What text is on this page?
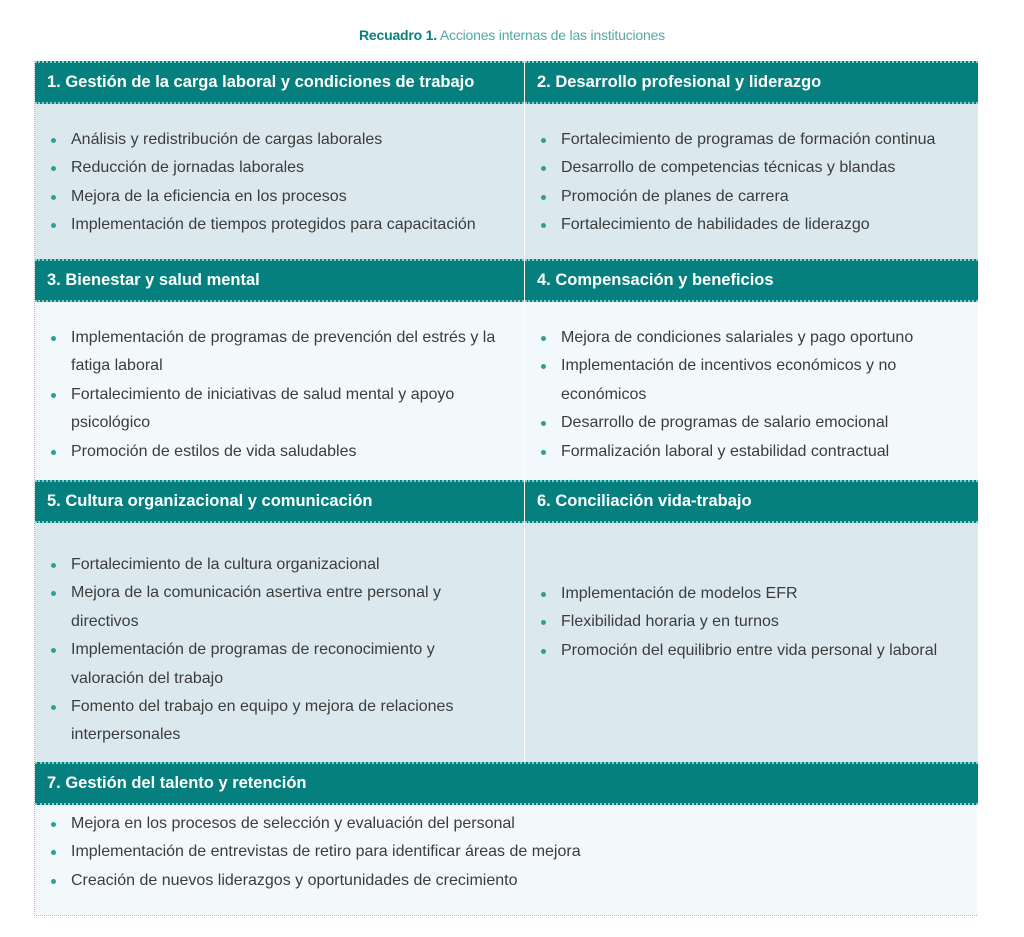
Recuadro 1. Acciones internas de las instituciones
1. Gestión de la carga laboral y condiciones de trabajo	2. Desarrollo profesional y liderazgo
Análisis y redistribución de cargas laborales
Reducción de jornadas laborales
Mejora de la eficiencia en los procesos
Implementación de tiempos protegidos para capacitación
Fortalecimiento de programas de formación continua
Desarrollo de competencias técnicas y blandas
Promoción de planes de carrera
Fortalecimiento de habilidades de liderazgo
3. Bienestar y salud mental	4. Compensación y beneficios
Implementación de programas de prevención del estrés y la fatiga laboral
Fortalecimiento de iniciativas de salud mental y apoyo psicológico
Promoción de estilos de vida saludables
Mejora de condiciones salariales y pago oportuno
Implementación de incentivos económicos y no económicos
Desarrollo de programas de salario emocional
Formalización laboral y estabilidad contractual
5. Cultura organizacional y comunicación	6. Conciliación vida-trabajo
Fortalecimiento de la cultura organizacional
Mejora de la comunicación asertiva entre personal y directivos
Implementación de programas de reconocimiento y valoración del trabajo
Fomento del trabajo en equipo y mejora de relaciones interpersonales
Implementación de modelos EFR
Flexibilidad horaria y en turnos
Promoción del equilibrio entre vida personal y laboral
7. Gestión del talento y retención
Mejora en los procesos de selección y evaluación del personal
Implementación de entrevistas de retiro para identificar áreas de mejora
Creación de nuevos liderazgos y oportunidades de crecimiento
